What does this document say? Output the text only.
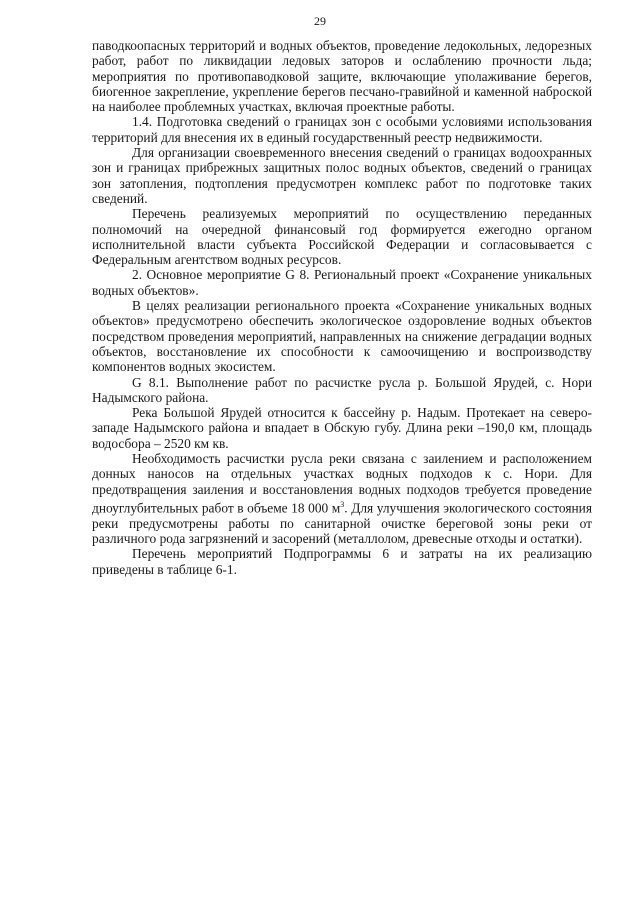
29

паводкоопасных территорий и водных объектов, проведение ледокольных, ледорезных работ, работ по ликвидации ледовых заторов и ослаблению прочности льда; мероприятия по противопаводковой защите, включающие уполаживание берегов, биогенное закрепление, укрепление берегов песчано-гравийной и каменной наброской на наиболее проблемных участках, включая проектные работы.

1.4. Подготовка сведений о границах зон с особыми условиями использования территорий для внесения их в единый государственный реестр недвижимости.

Для организации своевременного внесения сведений о границах водоохранных зон и границах прибрежных защитных полос водных объектов, сведений о границах зон затопления, подтопления предусмотрен комплекс работ по подготовке таких сведений.

Перечень реализуемых мероприятий по осуществлению переданных полномочий на очередной финансовый год формируется ежегодно органом исполнительной власти субъекта Российской Федерации и согласовывается с Федеральным агентством водных ресурсов.

2. Основное мероприятие G 8. Региональный проект «Сохранение уникальных водных объектов».

В целях реализации регионального проекта «Сохранение уникальных водных объектов» предусмотрено обеспечить экологическое оздоровление водных объектов посредством проведения мероприятий, направленных на снижение деградации водных объектов, восстановление их способности к самоочищению и воспроизводству компонентов водных экосистем.

G 8.1. Выполнение работ по расчистке русла р. Большой Ярудей, с. Нори Надымского района.

Река Большой Ярудей относится к бассейну р. Надым. Протекает на северо-западе Надымского района и впадает в Обскую губу. Длина реки –190,0 км, площадь водосбора – 2520 км кв.

Необходимость расчистки русла реки связана с заилением и расположением донных наносов на отдельных участках водных подходов к с. Нори. Для предотвращения заиления и восстановления водных подходов требуется проведение дноуглубительных работ в объеме 18 000 $м^3$. Для улучшения экологического состояния реки предусмотрены работы по санитарной очистке береговой зоны реки от различного рода загрязнений и засорений (металлолом, древесные отходы и остатки).

Перечень мероприятий Подпрограммы 6 и затраты на их реализацию приведены в таблице 6-1.
